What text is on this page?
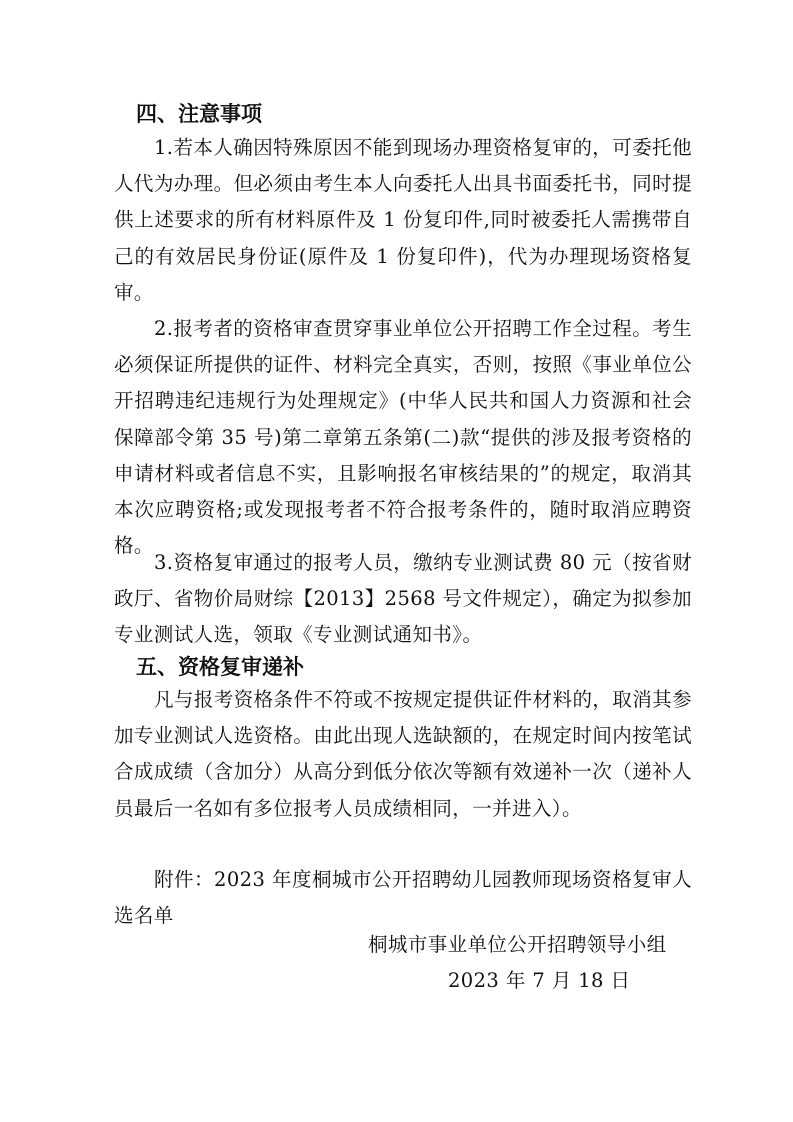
四、注意事项
1.若本人确因特殊原因不能到现场办理资格复审的，可委托他人代为办理。但必须由考生本人向委托人出具书面委托书，同时提供上述要求的所有材料原件及 1 份复印件,同时被委托人需携带自己的有效居民身份证(原件及 1 份复印件)，代为办理现场资格复审。
2.报考者的资格审查贯穿事业单位公开招聘工作全过程。考生必须保证所提供的证件、材料完全真实，否则，按照《事业单位公开招聘违纪违规行为处理规定》(中华人民共和国人力资源和社会保障部令第 35 号)第二章第五条第(二)款“提供的涉及报考资格的申请材料或者信息不实，且影响报名审核结果的”的规定，取消其本次应聘资格;或发现报考者不符合报考条件的，随时取消应聘资格。
3.资格复审通过的报考人员，缴纳专业测试费 80 元（按省财政厅、省物价局财综【2013】2568 号文件规定），确定为拟参加专业测试人选，领取《专业测试通知书》。
五、资格复审递补
凡与报考资格条件不符或不按规定提供证件材料的，取消其参加专业测试人选资格。由此出现人选缺额的，在规定时间内按笔试合成成绩（含加分）从高分到低分依次等额有效递补一次（递补人员最后一名如有多位报考人员成绩相同，一并进入）。
附件：2023 年度桐城市公开招聘幼儿园教师现场资格复审人选名单
桐城市事业单位公开招聘领导小组
2023 年 7 月 18 日
